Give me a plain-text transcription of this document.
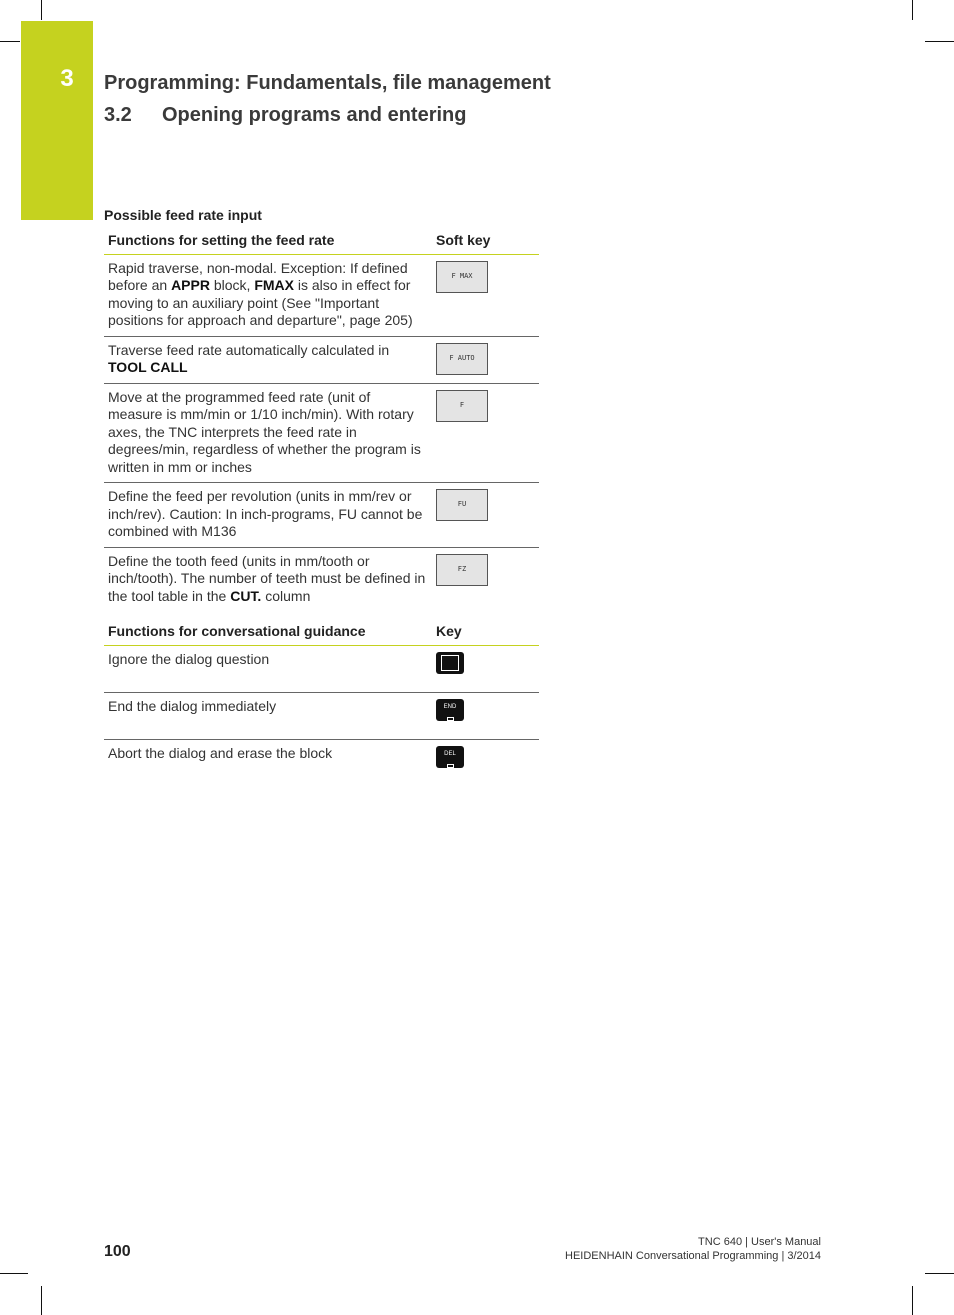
3	Programming: Fundamentals, file management
3.2 Opening programs and entering
Possible feed rate input
Functions for setting the feed rate	Soft key
Rapid traverse, non-modal. Exception: If defined before an APPR block, FMAX is also in effect for moving to an auxiliary point (See "Important positions for approach and departure", page 205)	F MAX

Traverse feed rate automatically calculated in
TOOL CALL	F AUTO

Move at the programmed feed rate (unit of measure is mm/min or 1/10 inch/min). With rotary axes, the TNC interprets the feed rate in degrees/min, regardless of whether the program is written in mm or inches	F

Define the feed per revolution (units in mm/rev or inch/rev). Caution: In inch-programs, FU cannot be combined with M136	FU

Define the tooth feed (units in mm/tooth or inch/tooth). The number of teeth must be defined in the tool table in the CUT. column	FZ
Functions for conversational guidance	Key
Ignore the dialog question	

End the dialog immediately	END

Abort the dialog and erase the block	DEL
100
TNC 640 | User's Manual
HEIDENHAIN Conversational Programming | 3/2014
